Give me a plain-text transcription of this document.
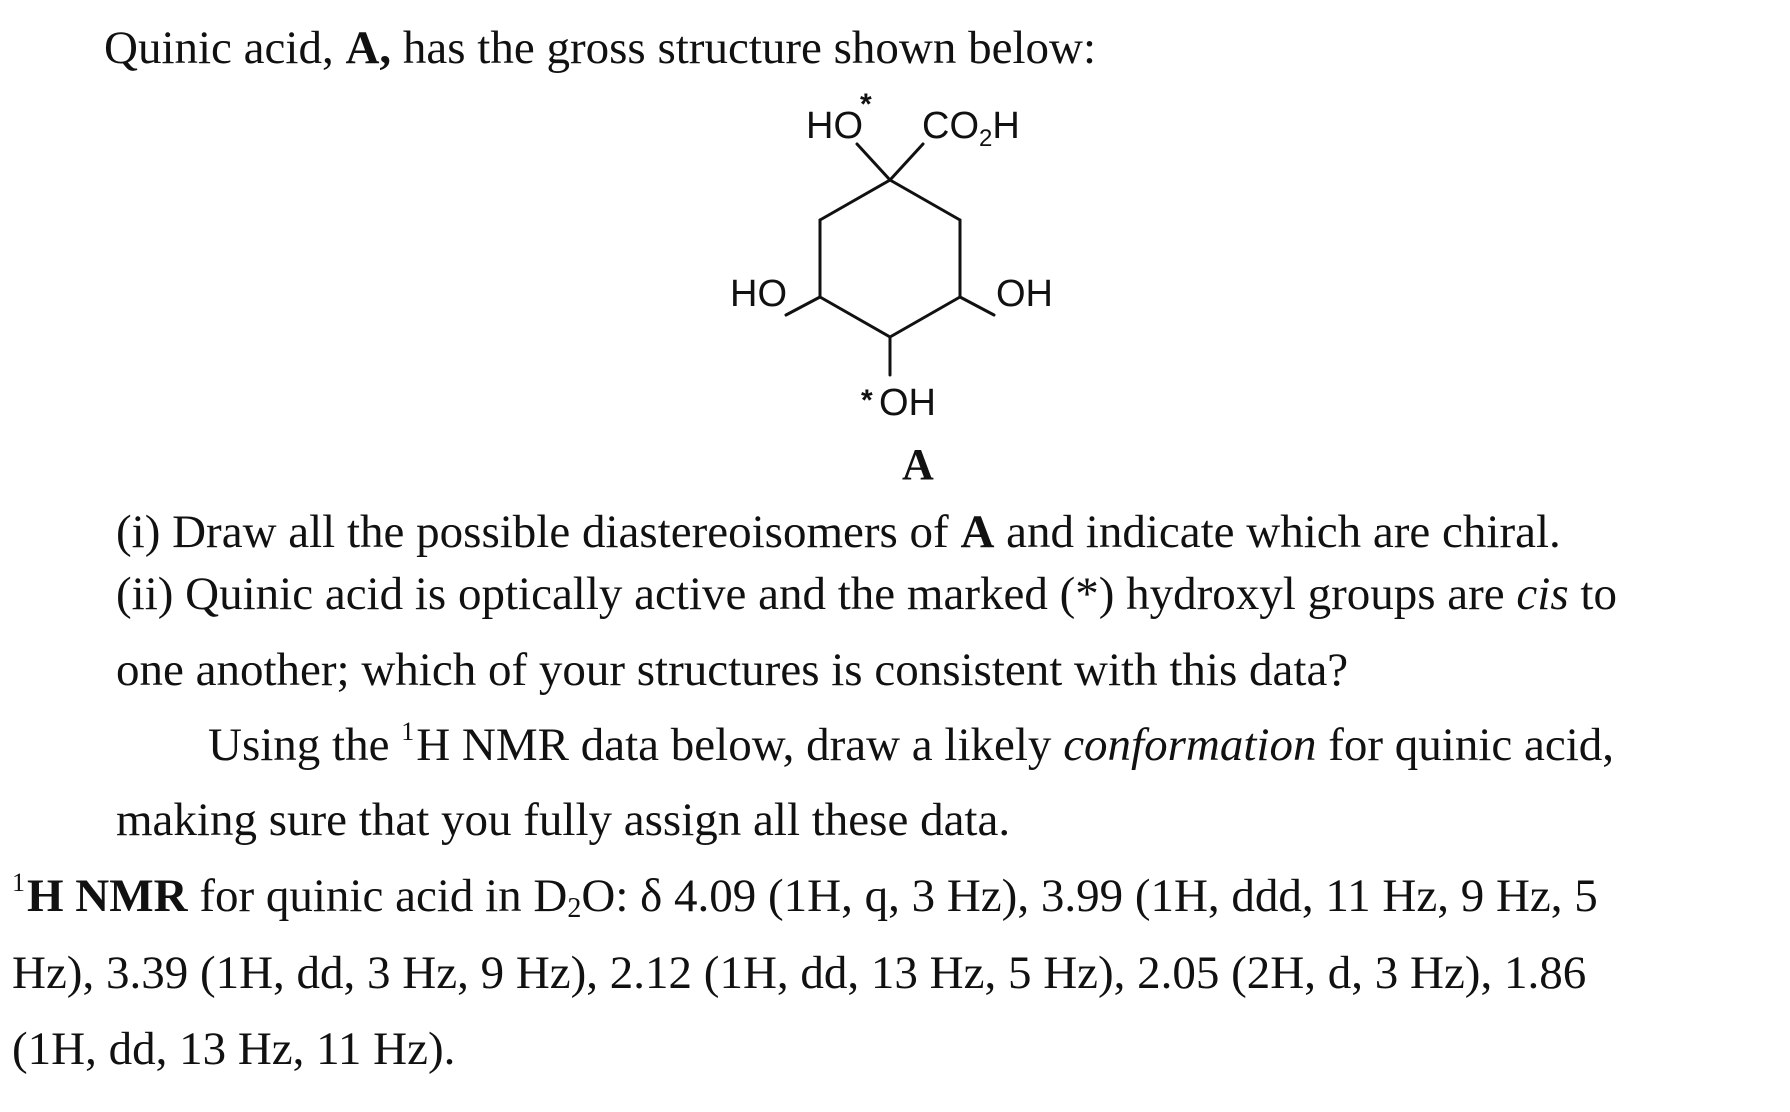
Quinic acid, A, has the gross structure shown below:
HO
*
$CO_2H$
HO	OH
* OH
A
(i) Draw all the possible diastereoisomers of A and indicate which are chiral.
(ii) Quinic acid is optically active and the marked (*) hydroxyl groups are cis to
one another; which of your structures is consistent with this data?
Using the $^1$H NMR data below, draw a likely conformation for quinic acid,
making sure that you fully assign all these data.
$^1$H NMR for quinic acid in $D_2O$: δ 4.09 (1H, q, 3 Hz), 3.99 (1H, ddd, 11 Hz, 9 Hz, 5
Hz), 3.39 (1H, dd, 3 Hz, 9 Hz), 2.12 (1H, dd, 13 Hz, 5 Hz), 2.05 (2H, d, 3 Hz), 1.86
(1H, dd, 13 Hz, 11 Hz).
